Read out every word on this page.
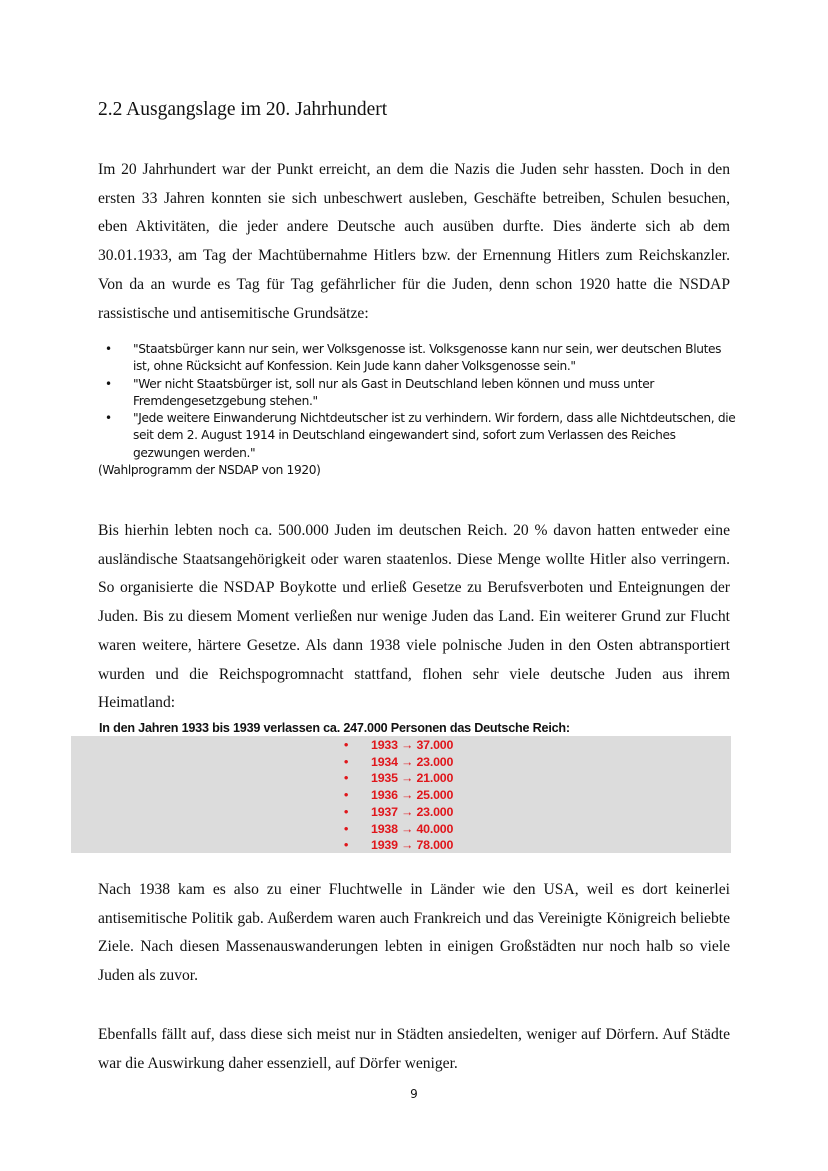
2.2 Ausgangslage im 20. Jahrhundert

Im 20 Jahrhundert war der Punkt erreicht, an dem die Nazis die Juden sehr hassten. Doch in den ersten 33 Jahren konnten sie sich unbeschwert ausleben, Geschäfte betreiben, Schulen besuchen, eben Aktivitäten, die jeder andere Deutsche auch ausüben durfte. Dies änderte sich ab dem 30.01.1933, am Tag der Machtübernahme Hitlers bzw. der Ernennung Hitlers zum Reichskanzler. Von da an wurde es Tag für Tag gefährlicher für die Juden, denn schon 1920 hatte die NSDAP rassistische und antisemitische Grundsätze:

• "Staatsbürger kann nur sein, wer Volksgenosse ist. Volksgenosse kann nur sein, wer deutschen Blutes ist, ohne Rücksicht auf Konfession. Kein Jude kann daher Volksgenosse sein."
• "Wer nicht Staatsbürger ist, soll nur als Gast in Deutschland leben können und muss unter Fremdengesetzgebung stehen."
• "Jede weitere Einwanderung Nichtdeutscher ist zu verhindern. Wir fordern, dass alle Nichtdeutschen, die seit dem 2. August 1914 in Deutschland eingewandert sind, sofort zum Verlassen des Reiches gezwungen werden."
(Wahlprogramm der NSDAP von 1920)

Bis hierhin lebten noch ca. 500.000 Juden im deutschen Reich. 20 % davon hatten entweder eine ausländische Staatsangehörigkeit oder waren staatenlos. Diese Menge wollte Hitler also verringern. So organisierte die NSDAP Boykotte und erließ Gesetze zu Berufsverboten und Enteignungen der Juden. Bis zu diesem Moment verließen nur wenige Juden das Land. Ein weiterer Grund zur Flucht waren weitere, härtere Gesetze. Als dann 1938 viele polnische Juden in den Osten abtransportiert wurden und die Reichspogromnacht stattfand, flohen sehr viele deutsche Juden aus ihrem Heimatland:

In den Jahren 1933 bis 1939 verlassen ca. 247.000 Personen das Deutsche Reich:
• 1933 → 37.000
• 1934 → 23.000
• 1935 → 21.000
• 1936 → 25.000
• 1937 → 23.000
• 1938 → 40.000
• 1939 → 78.000

Nach 1938 kam es also zu einer Fluchtwelle in Länder wie den USA, weil es dort keinerlei antisemitische Politik gab. Außerdem waren auch Frankreich und das Vereinigte Königreich beliebte Ziele. Nach diesen Massenauswanderungen lebten in einigen Großstädten nur noch halb so viele Juden als zuvor.

Ebenfalls fällt auf, dass diese sich meist nur in Städten ansiedelten, weniger auf Dörfern. Auf Städte war die Auswirkung daher essenziell, auf Dörfer weniger.

9
